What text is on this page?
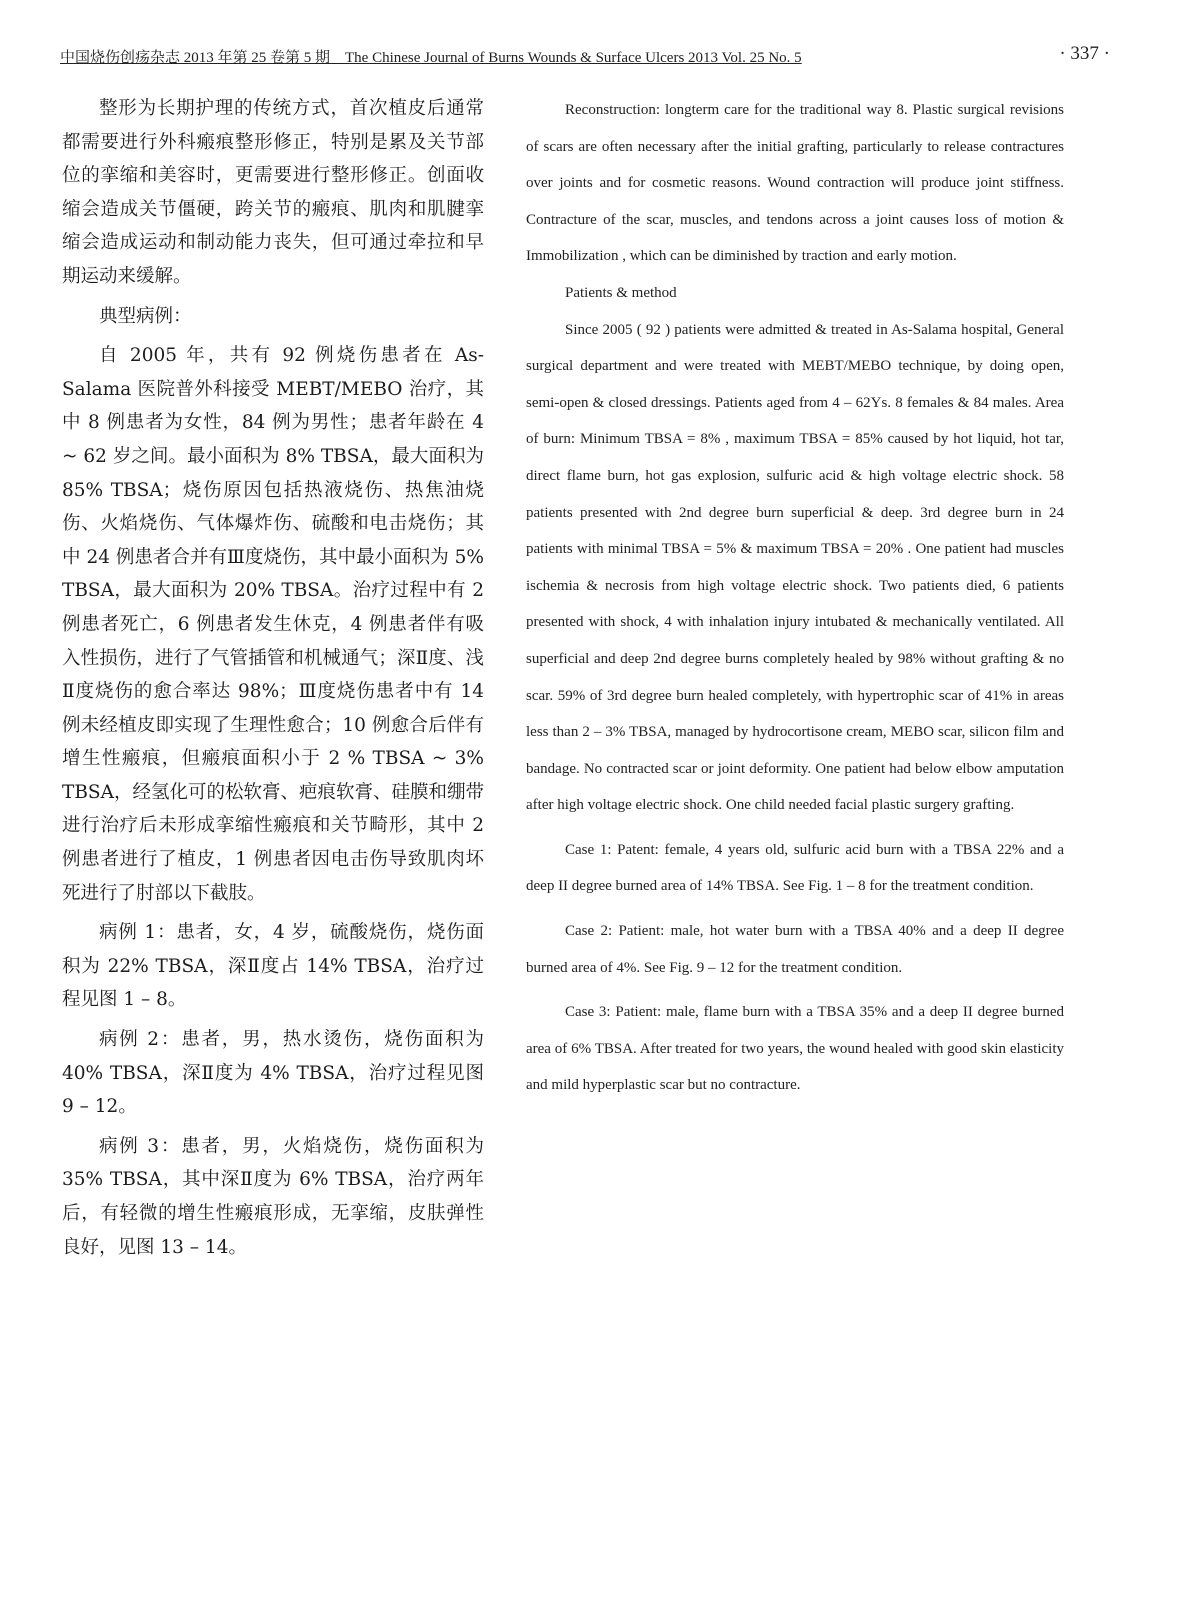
中国烧伤创疡杂志 2013 年第 25 卷第 5 期　The Chinese Journal of Burns Wounds & Surface Ulcers 2013 Vol. 25 No. 5	· 337 ·

整形为长期护理的传统方式，首次植皮后通常都需要进行外科瘢痕整形修正，特别是累及关节部位的挛缩和美容时，更需要进行整形修正。创面收缩会造成关节僵硬，跨关节的瘢痕、肌肉和肌腱挛缩会造成运动和制动能力丧失，但可通过牵拉和早期运动来缓解。

典型病例：

自 2005 年，共有 92 例烧伤患者在 As-Salama 医院普外科接受 MEBT/MEBO 治疗，其中 8 例患者为女性，84 例为男性；患者年龄在 4 ~ 62 岁之间。最小面积为 8% TBSA，最大面积为 85% TBSA；烧伤原因包括热液烧伤、热焦油烧伤、火焰烧伤、气体爆炸伤、硫酸和电击烧伤；其中 24 例患者合并有Ⅲ度烧伤，其中最小面积为 5% TBSA，最大面积为 20% TBSA。治疗过程中有 2 例患者死亡，6 例患者发生休克，4 例患者伴有吸入性损伤，进行了气管插管和机械通气；深Ⅱ度、浅Ⅱ度烧伤的愈合率达 98%；Ⅲ度烧伤患者中有 14 例未经植皮即实现了生理性愈合；10 例愈合后伴有增生性瘢痕，但瘢痕面积小于 2 % TBSA ~ 3% TBSA，经氢化可的松软膏、疤痕软膏、硅膜和绷带进行治疗后未形成挛缩性瘢痕和关节畸形，其中 2 例患者进行了植皮，1 例患者因电击伤导致肌肉坏死进行了肘部以下截肢。

病例 1：患者，女，4 岁，硫酸烧伤，烧伤面积为 22% TBSA，深Ⅱ度占 14% TBSA，治疗过程见图 1 – 8。

病例 2：患者，男，热水烫伤，烧伤面积为 40% TBSA，深Ⅱ度为 4% TBSA，治疗过程见图 9 – 12。

病例 3：患者，男，火焰烧伤，烧伤面积为 35% TBSA，其中深Ⅱ度为 6% TBSA，治疗两年后，有轻微的增生性瘢痕形成，无挛缩，皮肤弹性良好，见图 13 – 14。

Reconstruction: longterm care for the traditional way 8. Plastic surgical revisions of scars are often necessary after the initial grafting, particularly to release contractures over joints and for cosmetic reasons. Wound contraction will produce joint stiffness. Contracture of the scar, muscles, and tendons across a joint causes loss of motion & Immobilization , which can be diminished by traction and early motion.

Patients & method

Since 2005 ( 92 ) patients were admitted & treated in As-Salama hospital, General surgical department and were treated with MEBT/MEBO technique, by doing open, semi-open & closed dressings. Patients aged from 4 – 62Ys. 8 females & 84 males. Area of burn: Minimum TBSA = 8% , maximum TBSA = 85% caused by hot liquid, hot tar, direct flame burn, hot gas explosion, sulfuric acid & high voltage electric shock. 58 patients presented with 2nd degree burn superficial & deep. 3rd degree burn in 24 patients with minimal TBSA = 5% & maximum TBSA = 20% . One patient had muscles ischemia & necrosis from high voltage electric shock. Two patients died, 6 patients presented with shock, 4 with inhalation injury intubated & mechanically ventilated. All superficial and deep 2nd degree burns completely healed by 98% without grafting & no scar. 59% of 3rd degree burn healed completely, with hypertrophic scar of 41% in areas less than 2 – 3% TBSA, managed by hydrocortisone cream, MEBO scar, silicon film and bandage. No contracted scar or joint deformity. One patient had below elbow amputation after high voltage electric shock. One child needed facial plastic surgery grafting.

Case 1: Patent: female, 4 years old, sulfuric acid burn with a TBSA 22% and a deep II degree burned area of 14% TBSA. See Fig. 1 – 8 for the treatment condition.

Case 2: Patient: male, hot water burn with a TBSA 40% and a deep II degree burned area of 4%. See Fig. 9 – 12 for the treatment condition.

Case 3: Patient: male, flame burn with a TBSA 35% and a deep II degree burned area of 6% TBSA. After treated for two years, the wound healed with good skin elasticity and mild hyperplastic scar but no contracture.
